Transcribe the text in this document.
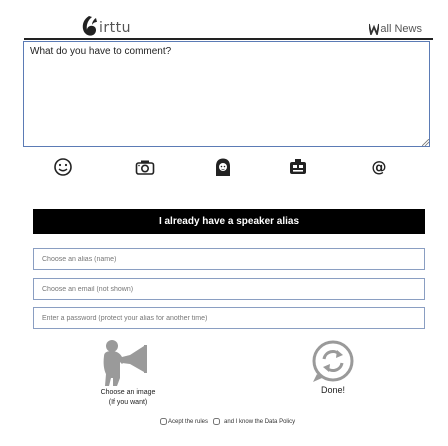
irttu	all News
What do you have to comment?
@
I already have a speaker alias
Choose an alias (name)
Choose an email (not shown)
Choose an image
(If you want)
Done!
Acept the rules	and I know the Data Policy
